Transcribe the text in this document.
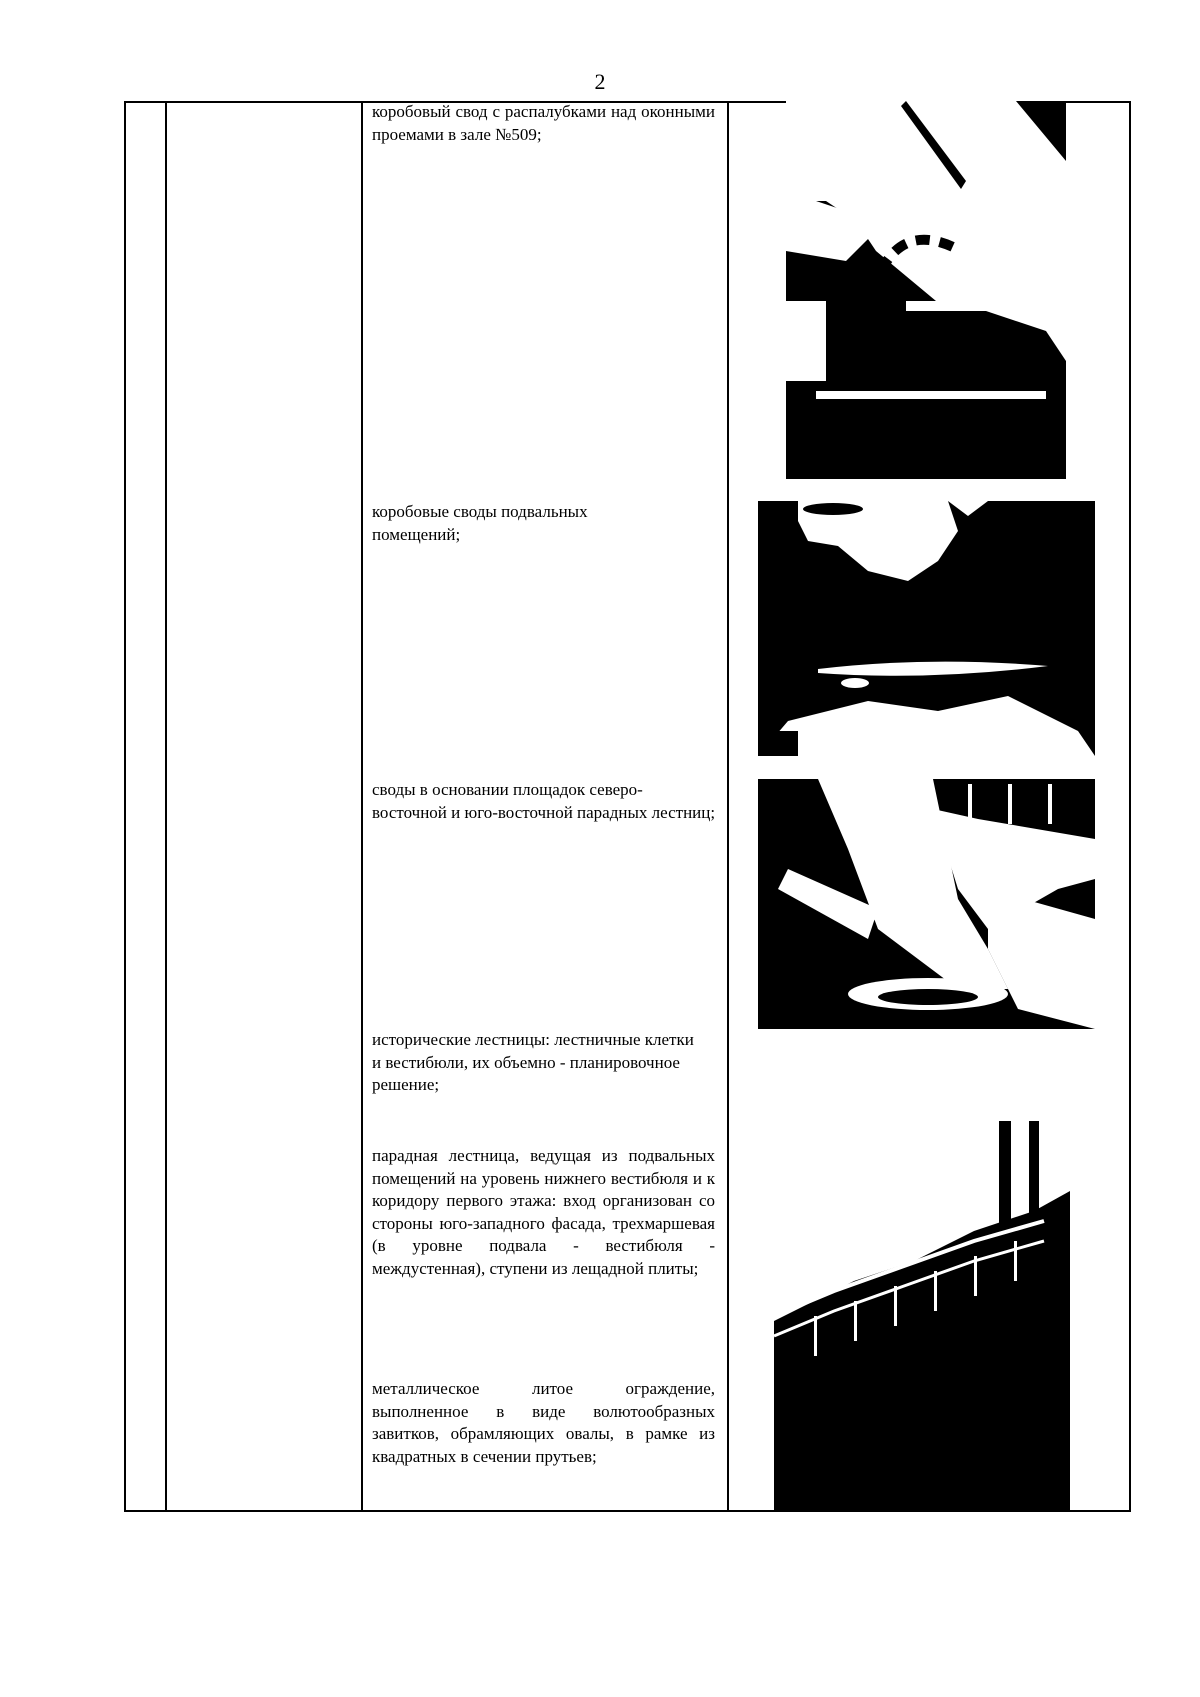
2

коробовый свод с распалубками над оконными проемами в зале №509;

коробовые своды подвальных помещений;

своды в основании площадок северо-восточной и юго-восточной парадных лестниц;

исторические лестницы: лестничные клетки и вестибюли, их объемно - планировочное решение;

парадная лестница, ведущая из подвальных помещений на уровень нижнего вестибюля и к коридору первого этажа: вход организован со стороны юго-западного фасада, трехмаршевая (в уровне подвала - вестибюля - междустенная), ступени из лещадной плиты;

металлическое литое ограждение, выполненное в виде волютообразных завитков, обрамляющих овалы, в рамке из квадратных в сечении прутьев;
